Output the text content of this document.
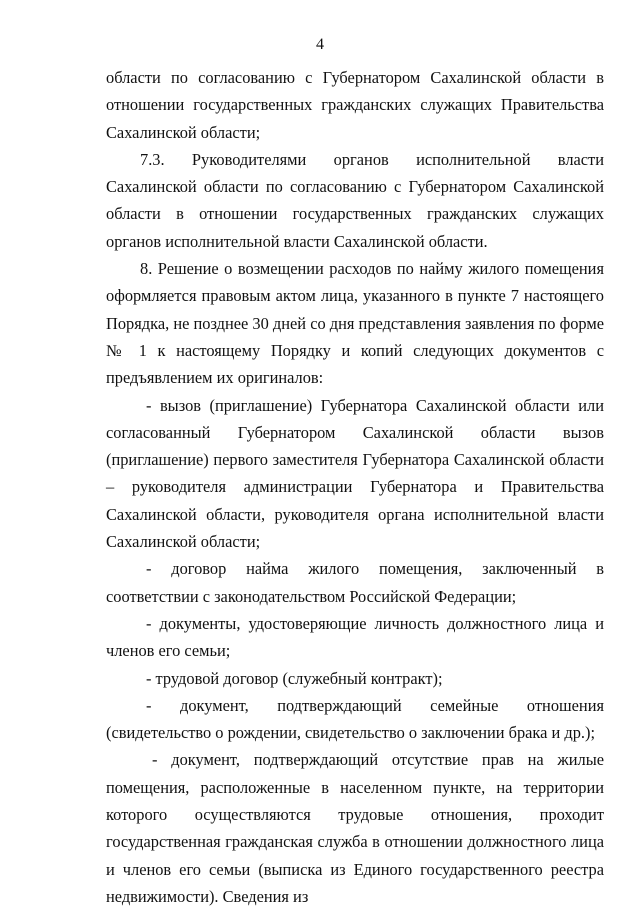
4

области по согласованию с Губернатором Сахалинской области в отношении государственных гражданских служащих Правительства Сахалинской области;

7.3. Руководителями органов исполнительной власти Сахалинской области по согласованию с Губернатором Сахалинской области в отношении государственных гражданских служащих органов исполнительной власти Сахалинской области.

8. Решение о возмещении расходов по найму жилого помещения оформляется правовым актом лица, указанного в пункте 7 настоящего Порядка, не позднее 30 дней со дня представления заявления по форме № 1 к настоящему Порядку и копий следующих документов с предъявлением их оригиналов:

- вызов (приглашение) Губернатора Сахалинской области или согласованный Губернатором Сахалинской области вызов (приглашение) первого заместителя Губернатора Сахалинской области – руководителя администрации Губернатора и Правительства Сахалинской области, руководителя органа исполнительной власти Сахалинской области;

- договор найма жилого помещения, заключенный в соответствии с законодательством Российской Федерации;

- документы, удостоверяющие личность должностного лица и членов его семьи;

- трудовой договор (служебный контракт);

- документ, подтверждающий семейные отношения (свидетельство о рождении, свидетельство о заключении брака и др.);

- документ, подтверждающий отсутствие прав на жилые помещения, расположенные в населенном пункте, на территории которого осуществляются трудовые отношения, проходит государственная гражданская служба в отношении должностного лица и членов его семьи (выписка из Единого государственного реестра недвижимости). Сведения из
